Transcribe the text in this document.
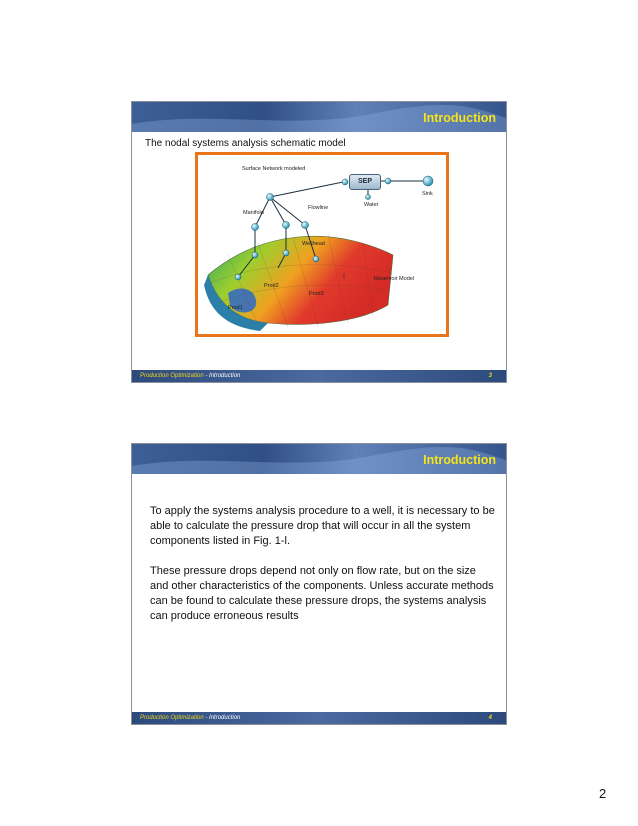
Introduction
The nodal systems analysis schematic model
SEP
Surface Network modeled
Sink
Water
Flowline
Manifold
Wellhead
Reservoir Model
Prod1
Prod2
Prod3
Production Optimization - Introduction	3
Introduction

To apply the systems analysis procedure to a well, it is necessary to be able to calculate the pressure drop that will occur in all the system components listed in Fig. 1-l.

These pressure drops depend not only on flow rate, but on the size and other characteristics of the components. Unless accurate methods can be found to calculate these pressure drops, the systems analysis can produce erroneous results

Production Optimization - Introduction	4
2
